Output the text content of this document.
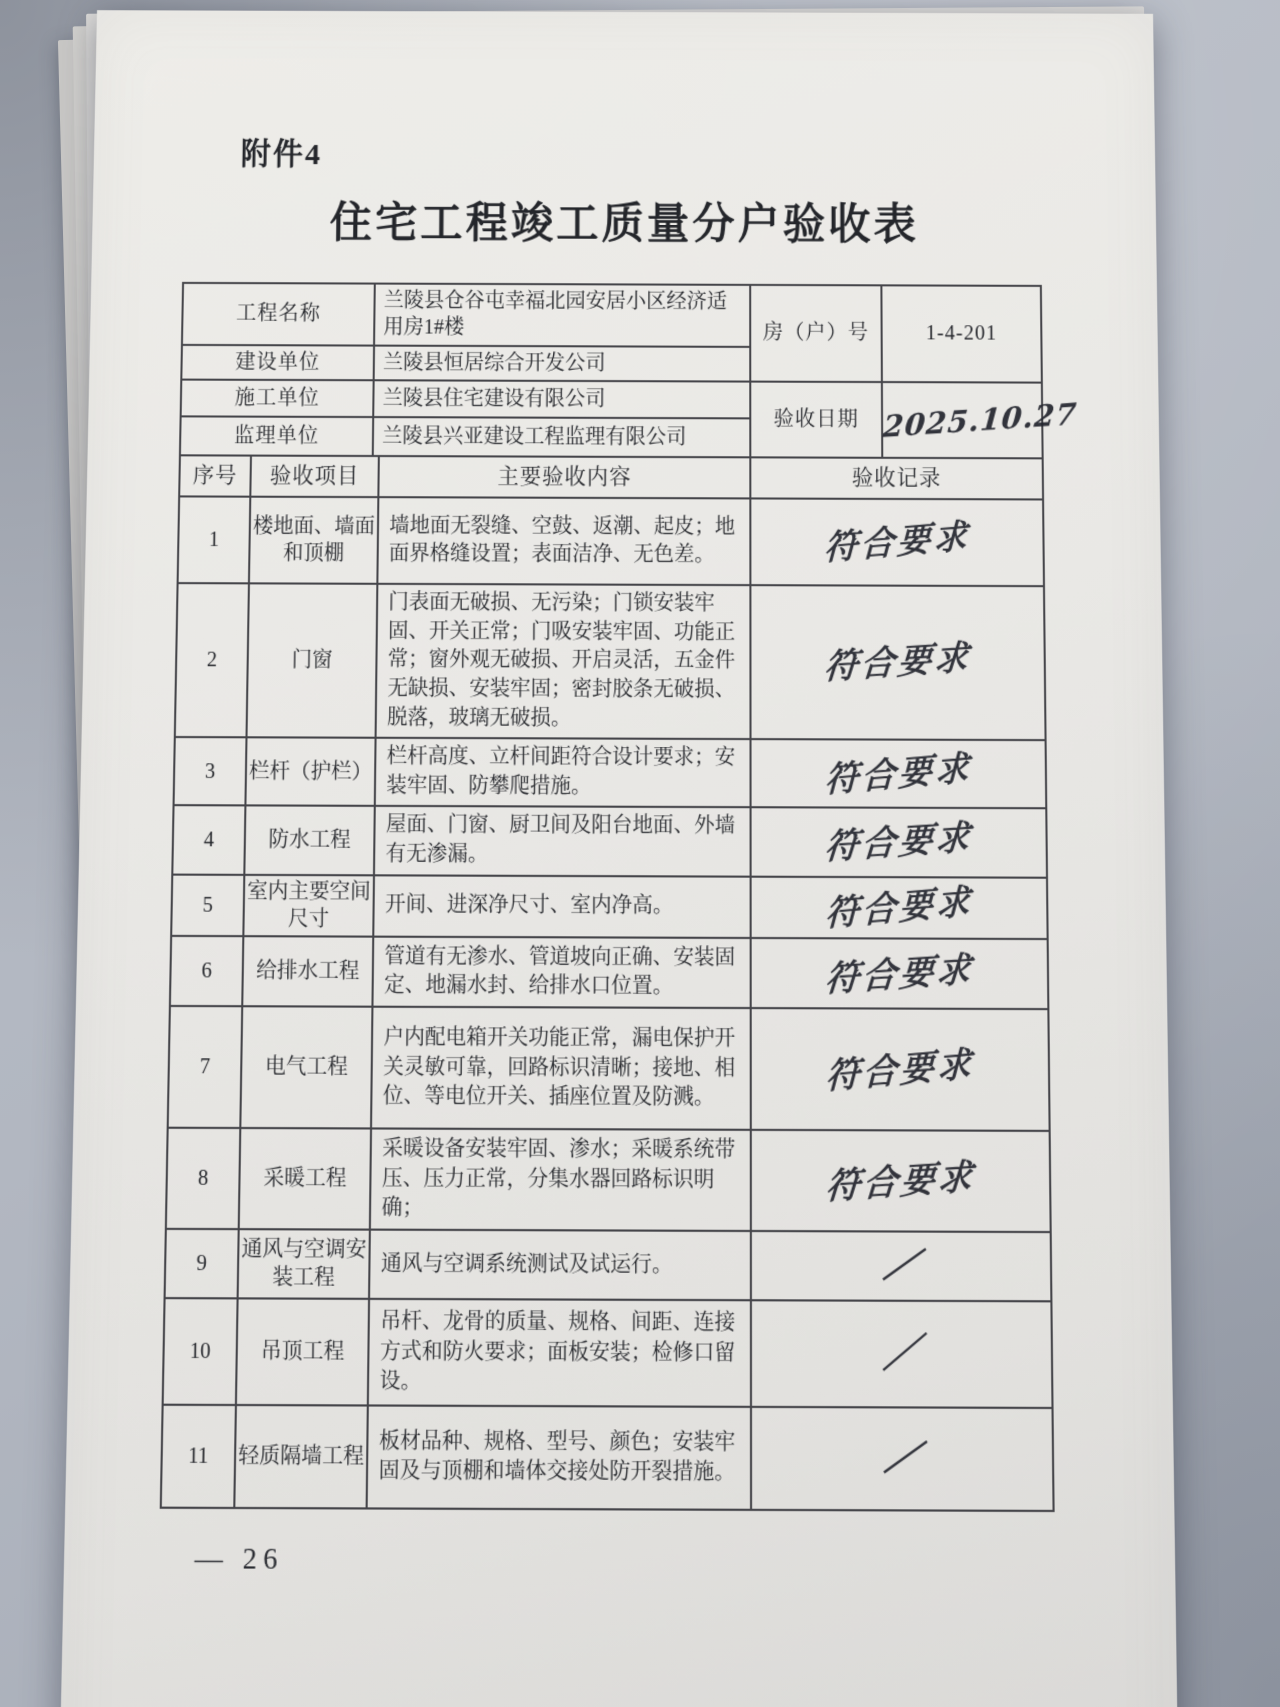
附件4
住宅工程竣工质量分户验收表
工程名称	兰陵县仓谷屯幸福北园安居小区经济适用房1#楼	房（户）号	1-4-201
建设单位	兰陵县恒居综合开发公司		
施工单位	兰陵县住宅建设有限公司	验收日期	2025.10.27
监理单位	兰陵县兴亚建设工程监理有限公司		
序号	验收项目	主要验收内容	验收记录
1	楼地面、墙面和顶棚	墙地面无裂缝、空鼓、返潮、起皮；地面界格缝设置；表面洁净、无色差。	符合要求
2	门窗	门表面无破损、无污染；门锁安装牢固、开关正常；门吸安装牢固、功能正常；窗外观无破损、开启灵活，五金件无缺损、安装牢固；密封胶条无破损、脱落，玻璃无破损。	符合要求
3	栏杆（护栏）	栏杆高度、立杆间距符合设计要求；安装牢固、防攀爬措施。	符合要求
4	防水工程	屋面、门窗、厨卫间及阳台地面、外墙有无渗漏。	符合要求
5	室内主要空间尺寸	开间、进深净尺寸、室内净高。	符合要求
6	给排水工程	管道有无渗水、管道坡向正确、安装固定、地漏水封、给排水口位置。	符合要求
7	电气工程	户内配电箱开关功能正常，漏电保护开关灵敏可靠，回路标识清晰；接地、相位、等电位开关、插座位置及防溅。	符合要求
8	采暖工程	采暖设备安装牢固、渗水；采暖系统带压、压力正常，分集水器回路标识明确；	符合要求
9	通风与空调安装工程	通风与空调系统测试及试运行。	／
10	吊顶工程	吊杆、龙骨的质量、规格、间距、连接方式和防火要求；面板安装；检修口留设。	／
11	轻质隔墙工程	板材品种、规格、型号、颜色；安装牢固及与顶棚和墙体交接处防开裂措施。	／
— 26
